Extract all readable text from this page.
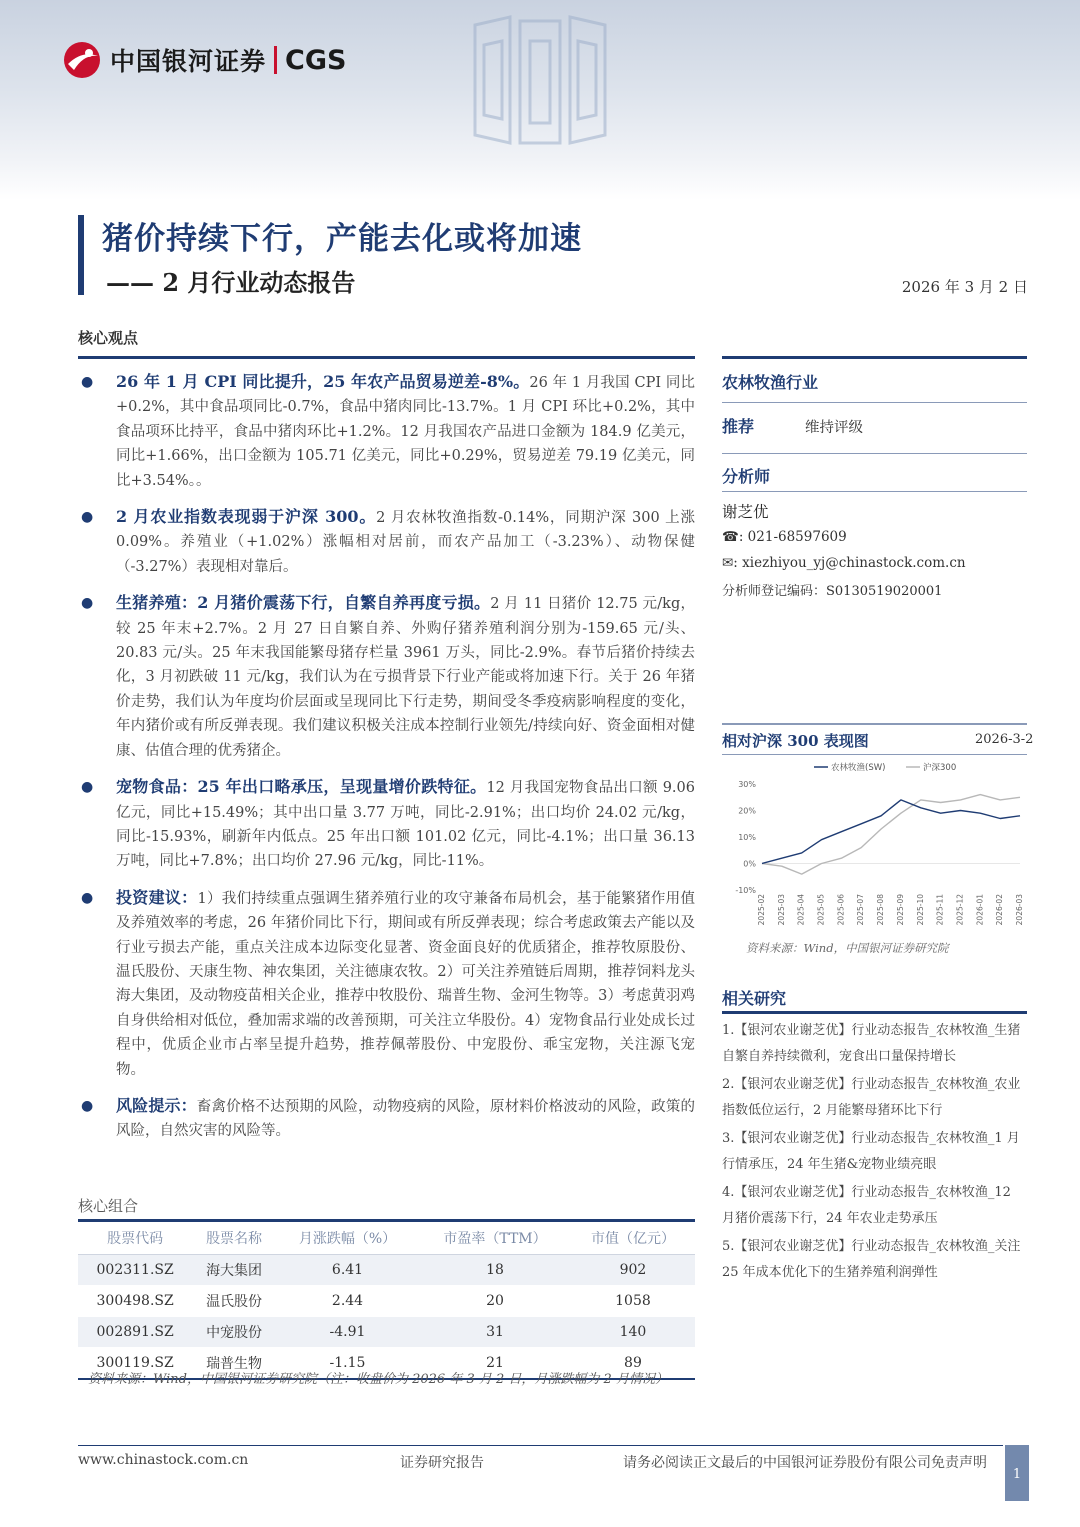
中国银河证券 CGS
猪价持续下行，产能去化或将加速
—— 2 月行业动态报告	2026 年 3 月 2 日
核心观点
● 26 年 1 月 CPI 同比提升，25 年农产品贸易逆差-8%。26 年 1 月我国 CPI 同比+0.2%，其中食品项同比-0.7%，食品中猪肉同比-13.7%。1 月 CPI 环比+0.2%，其中食品项环比持平，食品中猪肉环比+1.2%。12 月我国农产品进口金额为 184.9 亿美元，同比+1.66%，出口金额为 105.71 亿美元，同比+0.29%，贸易逆差 79.19 亿美元，同比+3.54%。。
● 2 月农业指数表现弱于沪深 300。2 月农林牧渔指数-0.14%，同期沪深 300 上涨 0.09%。养殖业（+1.02%）涨幅相对居前，而农产品加工（-3.23%）、动物保健（-3.27%）表现相对靠后。
● 生猪养殖：2 月猪价震荡下行，自繁自养再度亏损。2 月 11 日猪价 12.75 元/kg，较 25 年末+2.7%。2 月 27 日自繁自养、外购仔猪养殖利润分别为-159.65 元/头、20.83 元/头。25 年末我国能繁母猪存栏量 3961 万头，同比-2.9%。春节后猪价持续去化，3 月初跌破 11 元/kg，我们认为在亏损背景下行业产能或将加速下行。关于 26 年猪价走势，我们认为年度均价层面或呈现同比下行走势，期间受冬季疫病影响程度的变化，年内猪价或有所反弹表现。我们建议积极关注成本控制行业领先/持续向好、资金面相对健康、估值合理的优秀猪企。
● 宠物食品：25 年出口略承压，呈现量增价跌特征。12 月我国宠物食品出口额 9.06 亿元，同比+15.49%；其中出口量 3.77 万吨，同比-2.91%；出口均价 24.02 元/kg，同比-15.93%，刷新年内低点。25 年出口额 101.02 亿元，同比-4.1%；出口量 36.13 万吨，同比+7.8%；出口均价 27.96 元/kg，同比-11%。
● 投资建议：1）我们持续重点强调生猪养殖行业的攻守兼备布局机会，基于能繁猪作用值及养殖效率的考虑，26 年猪价同比下行，期间或有所反弹表现；综合考虑政策去产能以及行业亏损去产能，重点关注成本边际变化显著、资金面良好的优质猪企，推荐牧原股份、温氏股份、天康生物、神农集团，关注德康农牧。2）可关注养殖链后周期，推荐饲料龙头海大集团，及动物疫苗相关企业，推荐中牧股份、瑞普生物、金河生物等。3）考虑黄羽鸡自身供给相对低位，叠加需求端的改善预期，可关注立华股份。4）宠物食品行业处成长过程中，优质企业市占率呈提升趋势，推荐佩蒂股份、中宠股份、乖宝宠物，关注源飞宠物。
● 风险提示：畜禽价格不达预期的风险，动物疫病的风险，原材料价格波动的风险，政策的风险，自然灾害的风险等。
核心组合
股票代码	股票名称	月涨跌幅（%）	市盈率（TTM）	市值（亿元）
002311.SZ	海大集团	6.41	18	902
300498.SZ	温氏股份	2.44	20	1058
002891.SZ	中宠股份	-4.91	31	140
300119.SZ	瑞普生物	-1.15	21	89
资料来源：Wind，中国银河证券研究院（注：收盘价为 2026 年 3 月 2 日，月涨跌幅为 2 月情况）
农林牧渔行业
推荐	维持评级
分析师
谢芝优
☎: 021-68597609
✉: xiezhiyou_yj@chinastock.com.cn
分析师登记编码：S0130519020001
相对沪深 300 表现图	2026-3-2
农林牧渔(SW)	沪深300
30%
20%
10%
0%
-10%
2025-02 2025-03 2025-04 2025-05 2025-06 2025-07 2025-08 2025-09 2025-10 2025-11 2025-12 2026-01 2026-02 2026-03
资料来源：Wind，中国银河证券研究院
相关研究
1.【银河农业谢芝优】行业动态报告_农林牧渔_生猪自繁自养持续微利，宠食出口量保持增长
2.【银河农业谢芝优】行业动态报告_农林牧渔_农业指数低位运行，2 月能繁母猪环比下行
3.【银河农业谢芝优】行业动态报告_农林牧渔_1 月行情承压，24 年生猪&宠物业绩亮眼
4.【银河农业谢芝优】行业动态报告_农林牧渔_12 月猪价震荡下行，24 年农业走势承压
5.【银河农业谢芝优】行业动态报告_农林牧渔_关注 25 年成本优化下的生猪养殖利润弹性
www.chinastock.com.cn	证券研究报告	请务必阅读正文最后的中国银河证券股份有限公司免责声明
1
